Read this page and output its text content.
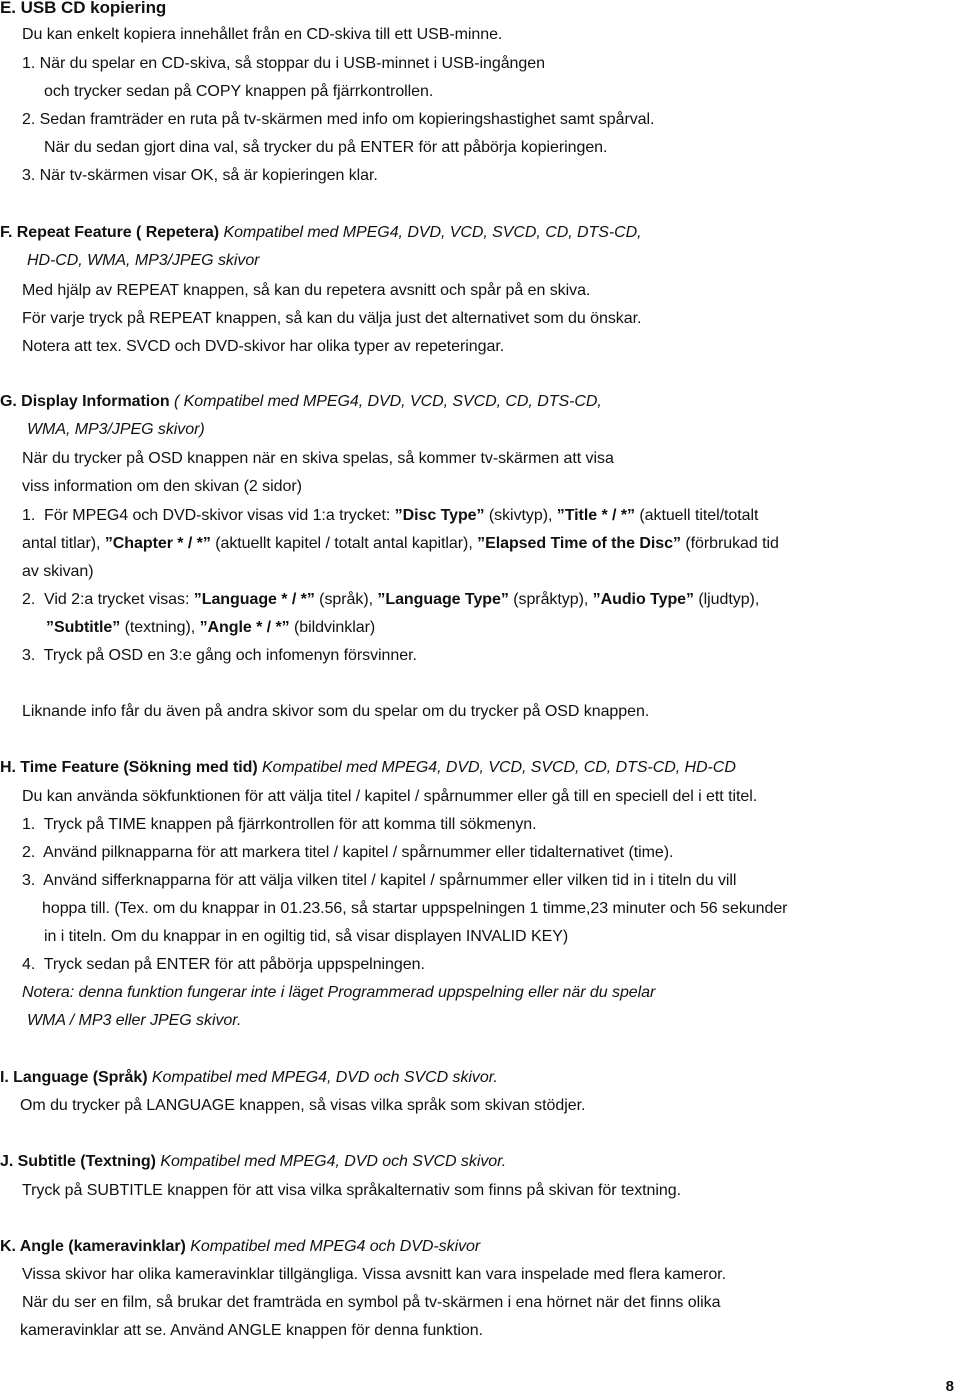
E. USB CD kopiering
Du kan enkelt kopiera innehållet från en CD-skiva till ett USB-minne.
1. När du spelar en CD-skiva, så stoppar du i USB-minnet i USB-ingången
och trycker sedan på COPY knappen på fjärrkontrollen.
2. Sedan framträder en ruta på tv-skärmen med info om kopieringshastighet samt spårval.
När du sedan gjort dina val, så trycker du på ENTER för att påbörja kopieringen.
3. När tv-skärmen visar OK, så är kopieringen klar.
F. Repeat Feature ( Repetera) Kompatibel med MPEG4, DVD, VCD, SVCD, CD, DTS-CD,
HD-CD, WMA, MP3/JPEG skivor
Med hjälp av REPEAT knappen, så kan du repetera avsnitt och spår på en skiva.
För varje tryck på REPEAT knappen, så kan du välja just det alternativet som du önskar.
Notera att tex. SVCD och DVD-skivor har olika typer av repeteringar.
G. Display Information ( Kompatibel med MPEG4, DVD, VCD, SVCD, CD, DTS-CD,
WMA, MP3/JPEG skivor)
När du trycker på OSD knappen när en skiva spelas, så kommer tv-skärmen att visa
viss information om den skivan (2 sidor)
1. För MPEG4 och DVD-skivor visas vid 1:a trycket: ”Disc Type” (skivtyp), ”Title * / *” (aktuell titel/totalt
antal titlar), ”Chapter * / *” (aktuellt kapitel / totalt antal kapitlar), ”Elapsed Time of the Disc” (förbrukad tid
av skivan)
2. Vid 2:a trycket visas: ”Language * / *” (språk), ”Language Type” (språktyp), ”Audio Type” (ljudtyp),
”Subtitle” (textning), ”Angle * / *” (bildvinklar)
3. Tryck på OSD en 3:e gång och infomenyn försvinner.
Liknande info får du även på andra skivor som du spelar om du trycker på OSD knappen.
H. Time Feature (Sökning med tid) Kompatibel med MPEG4, DVD, VCD, SVCD, CD, DTS-CD, HD-CD
Du kan använda sökfunktionen för att välja titel / kapitel / spårnummer eller gå till en speciell del i ett titel.
1. Tryck på TIME knappen på fjärrkontrollen för att komma till sökmenyn.
2. Använd pilknapparna för att markera titel / kapitel / spårnummer eller tidalternativet (time).
3. Använd sifferknapparna för att välja vilken titel / kapitel / spårnummer eller vilken tid in i titeln du vill
hoppa till. (Tex. om du knappar in 01.23.56, så startar uppspelningen 1 timme,23 minuter och 56 sekunder
in i titeln. Om du knappar in en ogiltig tid, så visar displayen INVALID KEY)
4. Tryck sedan på ENTER för att påbörja uppspelningen.
Notera: denna funktion fungerar inte i läget Programmerad uppspelning eller när du spelar
WMA / MP3 eller JPEG skivor.
I. Language (Språk) Kompatibel med MPEG4, DVD och SVCD skivor.
Om du trycker på LANGUAGE knappen, så visas vilka språk som skivan stödjer.
J. Subtitle (Textning) Kompatibel med MPEG4, DVD och SVCD skivor.
Tryck på SUBTITLE knappen för att visa vilka språkalternativ som finns på skivan för textning.
K. Angle (kameravinklar) Kompatibel med MPEG4 och DVD-skivor
Vissa skivor har olika kameravinklar tillgängliga. Vissa avsnitt kan vara inspelade med flera kameror.
När du ser en film, så brukar det framträda en symbol på tv-skärmen i ena hörnet när det finns olika
kameravinklar att se. Använd ANGLE knappen för denna funktion.
8
